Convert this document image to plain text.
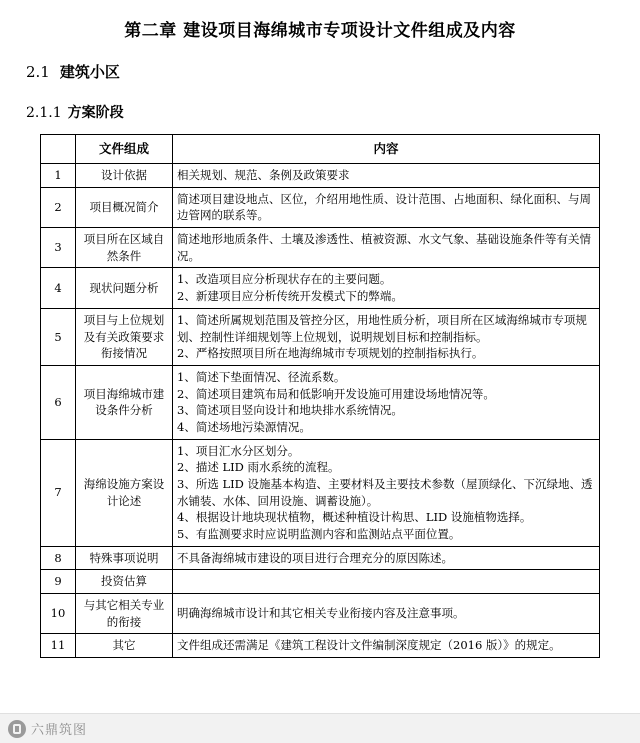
第二章 建设项目海绵城市专项设计文件组成及内容
2.1 建筑小区
2.1.1 方案阶段
	文件组成	内容
1	设计依据	相关规划、规范、条例及政策要求

2	项目概况简介	简述项目建设地点、区位，介绍用地性质、设计范围、占地面积、绿化面积、与周边管网的联系等。

3	项目所在区域自然条件	简述地形地质条件、土壤及渗透性、植被资源、水文气象、基础设施条件等有关情况。

4	现状问题分析	1、改造项目应分析现状存在的主要问题。
2、新建项目应分析传统开发模式下的弊端。

5	项目与上位规划及有关政策要求衔接情况	1、简述所属规划范围及管控分区，用地性质分析，项目所在区域海绵城市专项规划、控制性详细规划等上位规划，说明规划目标和控制指标。
2、严格按照项目所在地海绵城市专项规划的控制指标执行。

6	项目海绵城市建设条件分析	1、简述下垫面情况、径流系数。
2、简述项目建筑布局和低影响开发设施可用建设场地情况等。
3、简述项目竖向设计和地块排水系统情况。
4、简述场地污染源情况。

7	海绵设施方案设计论述	1、项目汇水分区划分。
2、描述 LID 雨水系统的流程。
3、所选 LID 设施基本构造、主要材料及主要技术参数（屋顶绿化、下沉绿地、透水铺装、水体、回用设施、调蓄设施）。
4、根据设计地块现状植物，概述种植设计构思、LID 设施植物选择。
5、有监测要求时应说明监测内容和监测站点平面位置。

8	特殊事项说明	不具备海绵城市建设的项目进行合理充分的原因陈述。

9	投资估算	

10	与其它相关专业的衔接	明确海绵城市设计和其它相关专业衔接内容及注意事项。

11	其它	文件组成还需满足《建筑工程设计文件编制深度规定（2016 版）》的规定。
六鼎筑图
